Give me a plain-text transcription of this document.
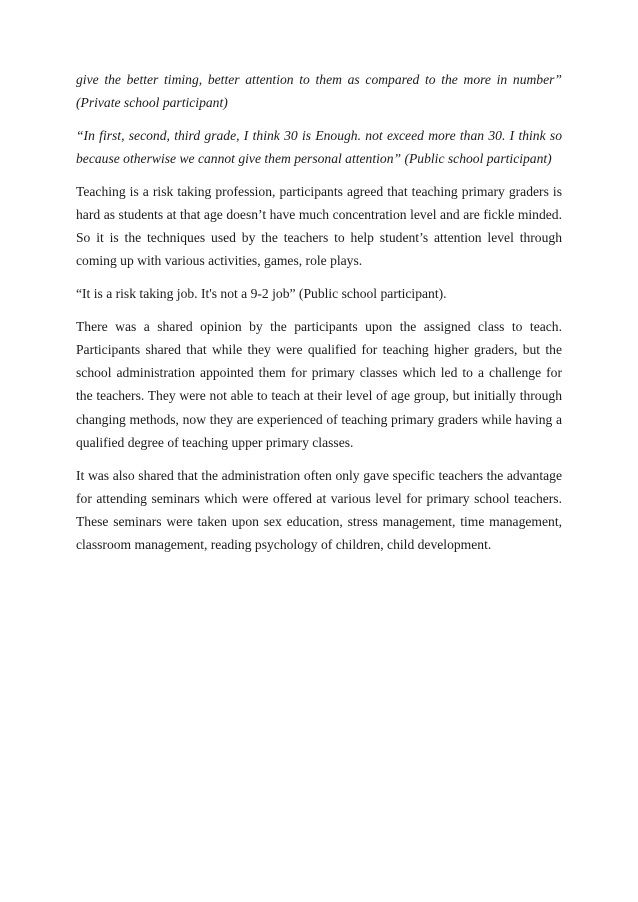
give the better timing, better attention to them as compared to the more in number” (Private school participant)

“In first, second, third grade, I think 30 is Enough. not exceed more than 30. I think so because otherwise we cannot give them personal attention” (Public school participant)

Teaching is a risk taking profession, participants agreed that teaching primary graders is hard as students at that age doesn’t have much concentration level and are fickle minded. So it is the techniques used by the teachers to help student’s attention level through coming up with various activities, games, role plays.

“It is a risk taking job. It's not a 9-2 job” (Public school participant).

There was a shared opinion by the participants upon the assigned class to teach. Participants shared that while they were qualified for teaching higher graders, but the school administration appointed them for primary classes which led to a challenge for the teachers. They were not able to teach at their level of age group, but initially through changing methods, now they are experienced of teaching primary graders while having a qualified degree of teaching upper primary classes.

It was also shared that the administration often only gave specific teachers the advantage for attending seminars which were offered at various level for primary school teachers. These seminars were taken upon sex education, stress management, time management, classroom management, reading psychology of children, child development.
